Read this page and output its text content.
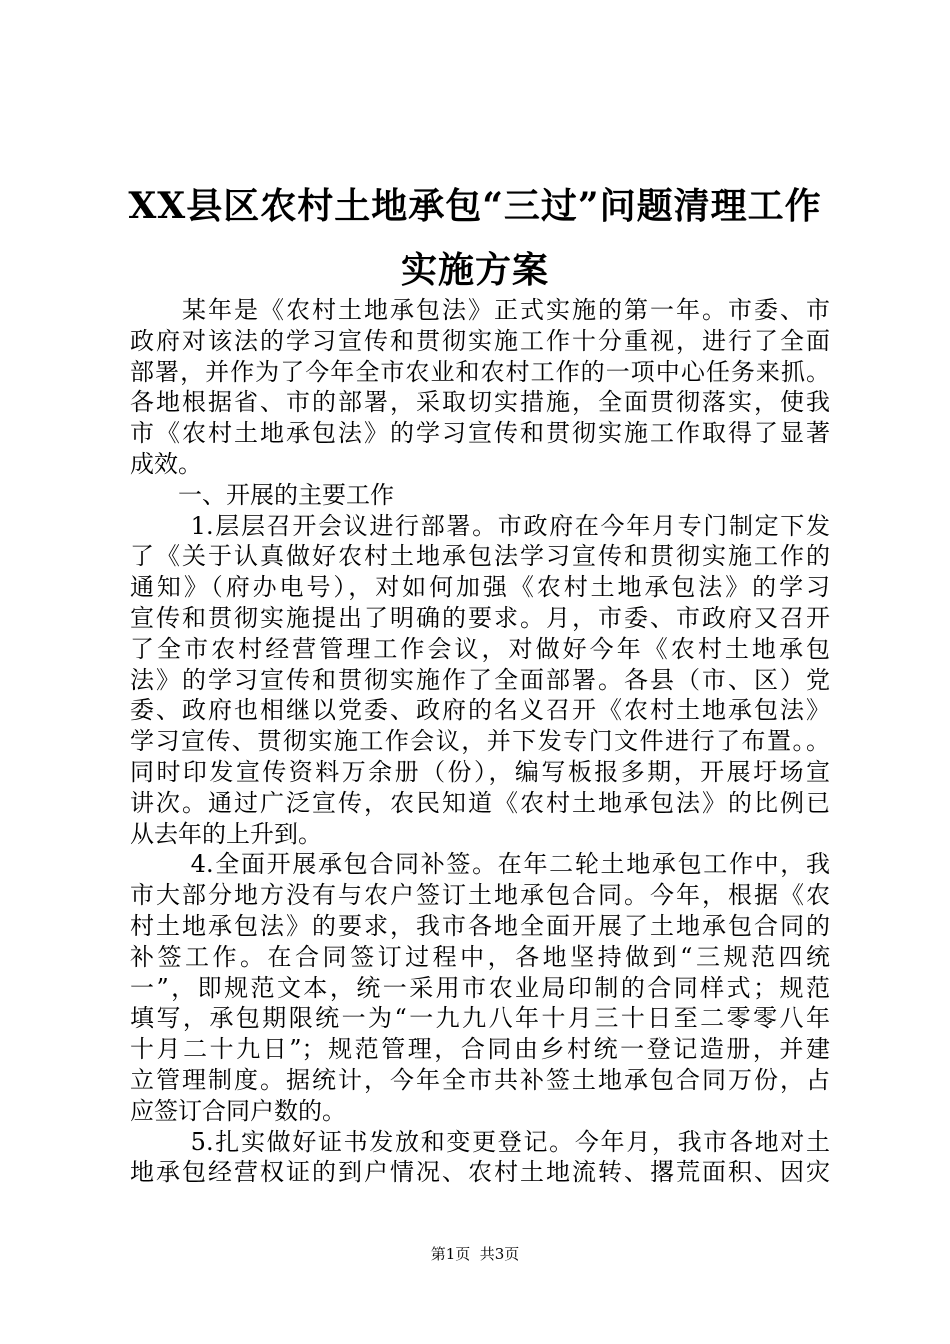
XX县区农村土地承包“三过”问题清理工作
实施方案
　　某年是《农村土地承包法》正式实施的第一年。市委、市
政府对该法的学习宣传和贯彻实施工作十分重视，进行了全面
部署，并作为了今年全市农业和农村工作的一项中心任务来抓。
各地根据省、市的部署，采取切实措施，全面贯彻落实，使我
市《农村土地承包法》的学习宣传和贯彻实施工作取得了显著
成效。
　　一、开展的主要工作
　　 1.层层召开会议进行部署。市政府在今年月专门制定下发
了《关于认真做好农村土地承包法学习宣传和贯彻实施工作的
通知》（府办电号），对如何加强《农村土地承包法》的学习
宣传和贯彻实施提出了明确的要求。月，市委、市政府又召开
了全市农村经营管理工作会议，对做好今年《农村土地承包
法》的学习宣传和贯彻实施作了全面部署。各县（市、区）党
委、政府也相继以党委、政府的名义召开《农村土地承包法》
学习宣传、贯彻实施工作会议，并下发专门文件进行了布置。。
同时印发宣传资料万余册（份），编写板报多期，开展圩场宣
讲次。通过广泛宣传，农民知道《农村土地承包法》的比例已
从去年的上升到。
　　 4.全面开展承包合同补签。在年二轮土地承包工作中，我
市大部分地方没有与农户签订土地承包合同。今年，根据《农
村土地承包法》的要求，我市各地全面开展了土地承包合同的
补签工作。在合同签订过程中，各地坚持做到“三规范四统
一”，即规范文本，统一采用市农业局印制的合同样式；规范
填写，承包期限统一为“一九九八年十月三十日至二零零八年
十月二十九日”；规范管理，合同由乡村统一登记造册，并建
立管理制度。据统计，今年全市共补签土地承包合同万份，占
应签订合同户数的。
　　 5.扎实做好证书发放和变更登记。今年月，我市各地对土
地承包经营权证的到户情况、农村土地流转、撂荒面积、因灾
第1页  共3页
